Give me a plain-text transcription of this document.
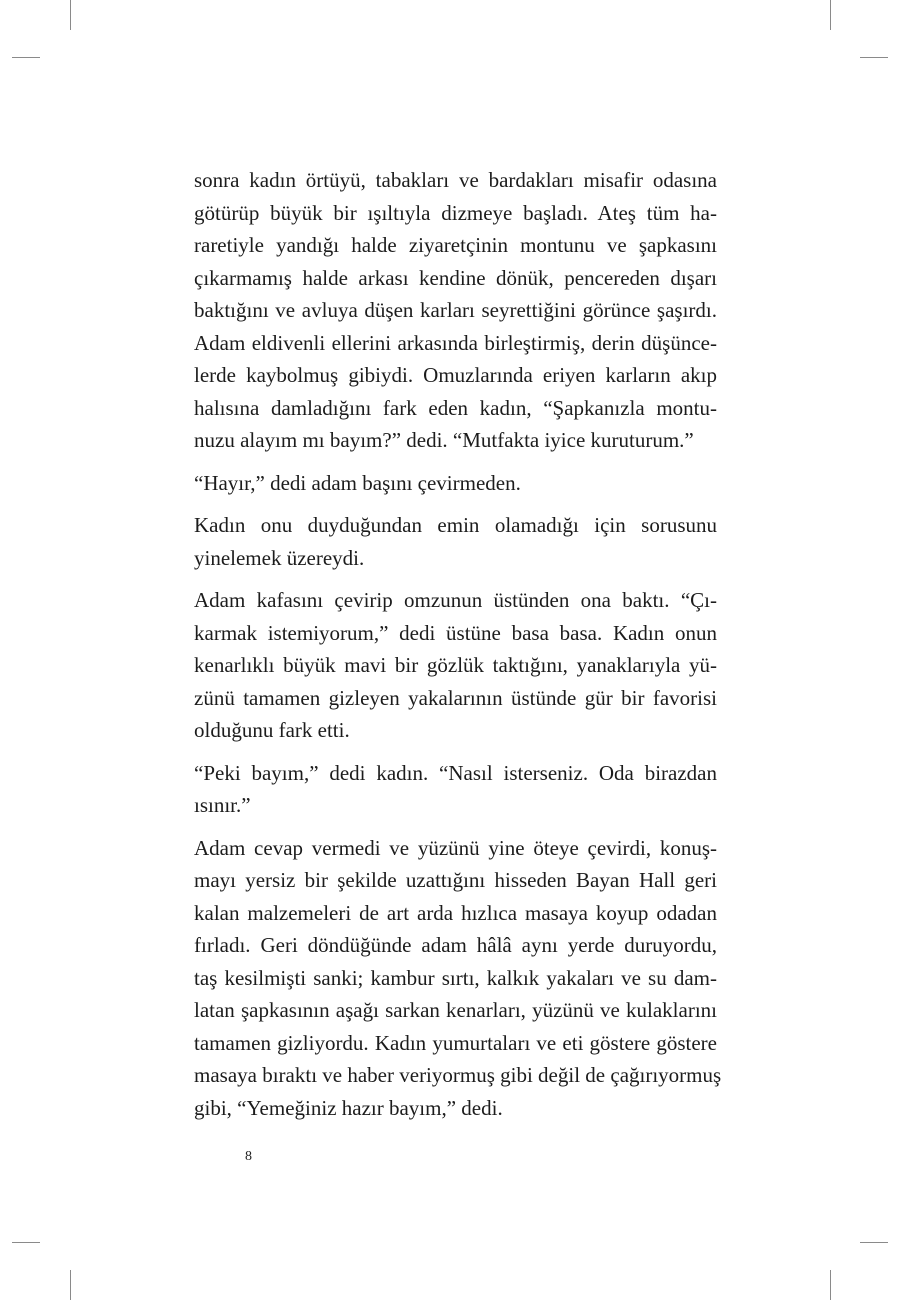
sonra kadın örtüyü, tabakları ve bardakları misafir odasına
götürüp büyük bir ışıltıyla dizmeye başladı. Ateş tüm ha-
raretiyle yandığı halde ziyaretçinin montunu ve şapkasını
çıkarmamış halde arkası kendine dönük, pencereden dışarı
baktığını ve avluya düşen karları seyrettiğini görünce şaşırdı.
Adam eldivenli ellerini arkasında birleştirmiş, derin düşünce-
lerde kaybolmuş gibiydi. Omuzlarında eriyen karların akıp
halısına damladığını fark eden kadın, “Şapkanızla montu-
nuzu alayım mı bayım?” dedi. “Mutfakta iyice kuruturum.”
“Hayır,” dedi adam başını çevirmeden.
Kadın onu duyduğundan emin olamadığı için sorusunu
yinelemek üzereydi.
Adam kafasını çevirip omzunun üstünden ona baktı. “Çı-
karmak istemiyorum,” dedi üstüne basa basa. Kadın onun
kenarlıklı büyük mavi bir gözlük taktığını, yanaklarıyla yü-
zünü tamamen gizleyen yakalarının üstünde gür bir favorisi
olduğunu fark etti.
“Peki bayım,” dedi kadın. “Nasıl isterseniz. Oda birazdan
ısınır.”
Adam cevap vermedi ve yüzünü yine öteye çevirdi, konuş-
mayı yersiz bir şekilde uzattığını hisseden Bayan Hall geri
kalan malzemeleri de art arda hızlıca masaya koyup odadan
fırladı. Geri döndüğünde adam hâlâ aynı yerde duruyordu,
taş kesilmişti sanki; kambur sırtı, kalkık yakaları ve su dam-
latan şapkasının aşağı sarkan kenarları, yüzünü ve kulaklarını
tamamen gizliyordu. Kadın yumurtaları ve eti göstere göstere
masaya bıraktı ve haber veriyormuş gibi değil de çağırıyormuş
gibi, “Yemeğiniz hazır bayım,” dedi.
8
